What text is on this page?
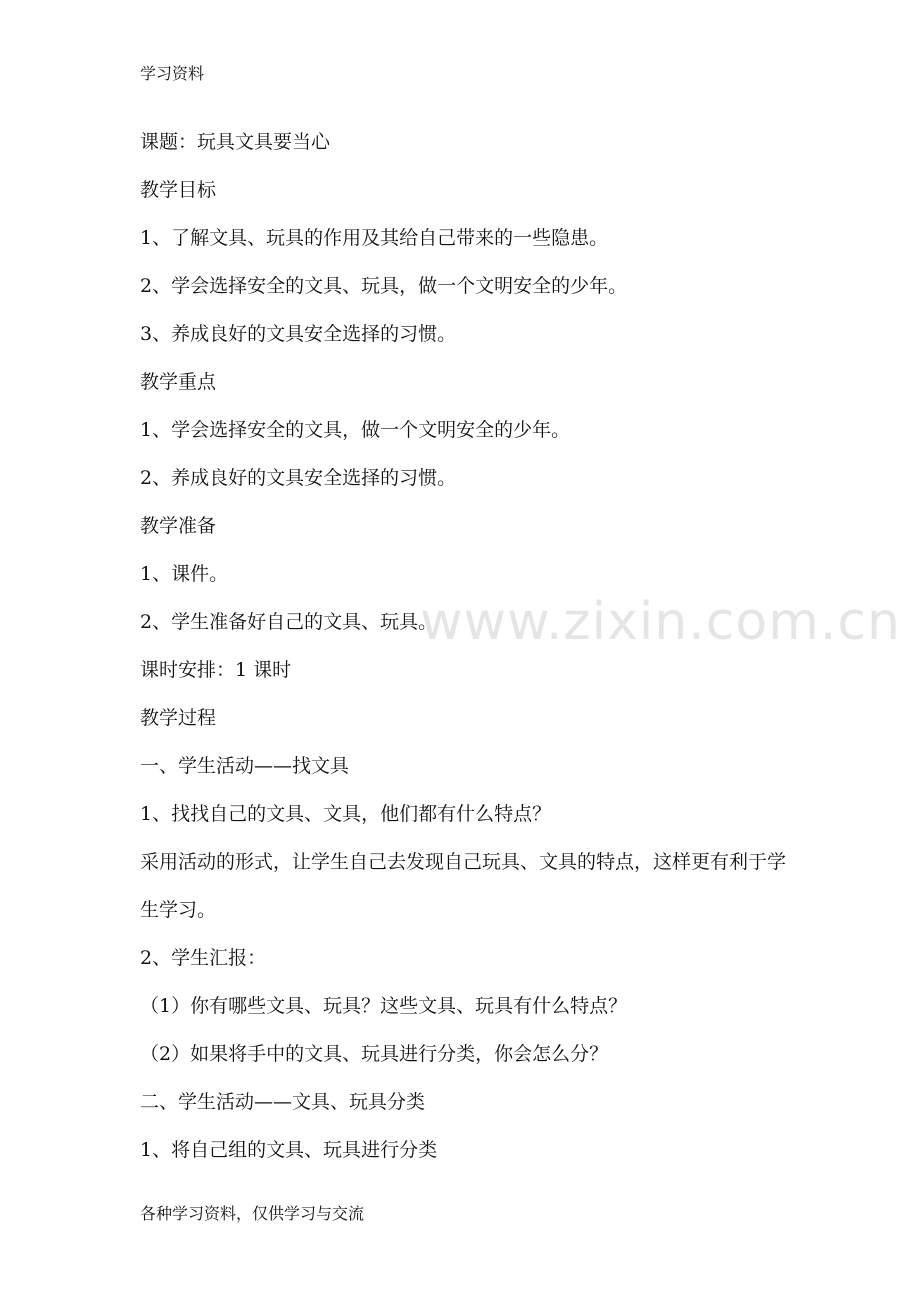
学习资料
www.zixin.com.cn
课题：玩具文具要当心
教学目标
1、了解文具、玩具的作用及其给自己带来的一些隐患。
2、学会选择安全的文具、玩具，做一个文明安全的少年。
3、养成良好的文具安全选择的习惯。
教学重点
1、学会选择安全的文具，做一个文明安全的少年。
2、养成良好的文具安全选择的习惯。
教学准备
1、课件。
2、学生准备好自己的文具、玩具。
课时安排：1 课时
教学过程
一、学生活动——找文具
1、找找自己的文具、文具，他们都有什么特点？
采用活动的形式，让学生自己去发现自己玩具、文具的特点，这样更有利于学生学习。
2、学生汇报：
（1）你有哪些文具、玩具？这些文具、玩具有什么特点？
（2）如果将手中的文具、玩具进行分类，你会怎么分？
二、学生活动——文具、玩具分类
1、将自己组的文具、玩具进行分类
各种学习资料，仅供学习与交流
